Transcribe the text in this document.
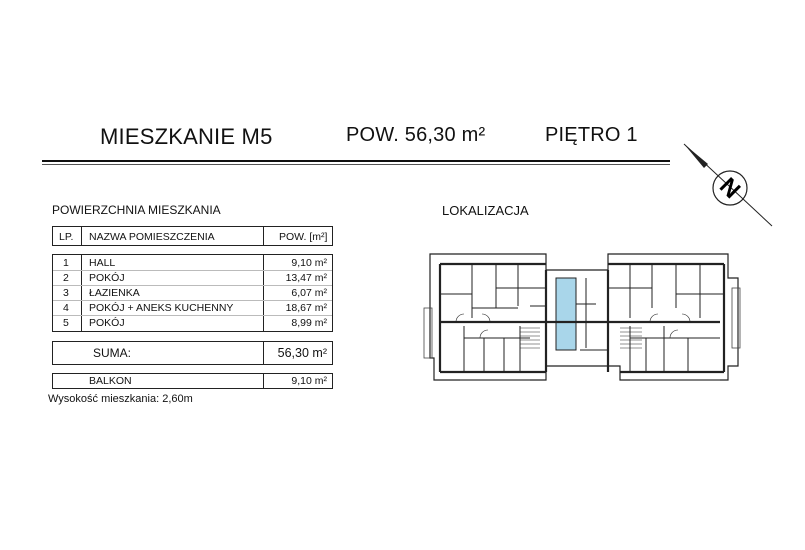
MIESZKANIE M5	POW. 56,30 m²	PIĘTRO 1
N
POWIERZCHNIA MIESZKANIA	LOKALIZACJA
LP. NAZWA POMIESZCZENIA	POW. [m²]
1 HALL	9,10 m²
2 POKÓJ	13,47 m²
3 ŁAZIENKA	6,07 m²
4 POKÓJ + ANEKS KUCHENNY	18,67 m²
5 POKÓJ	8,99 m²
SUMA:	56,30 m²
BALKON	9,10 m²
Wysokość mieszkania: 2,60m
